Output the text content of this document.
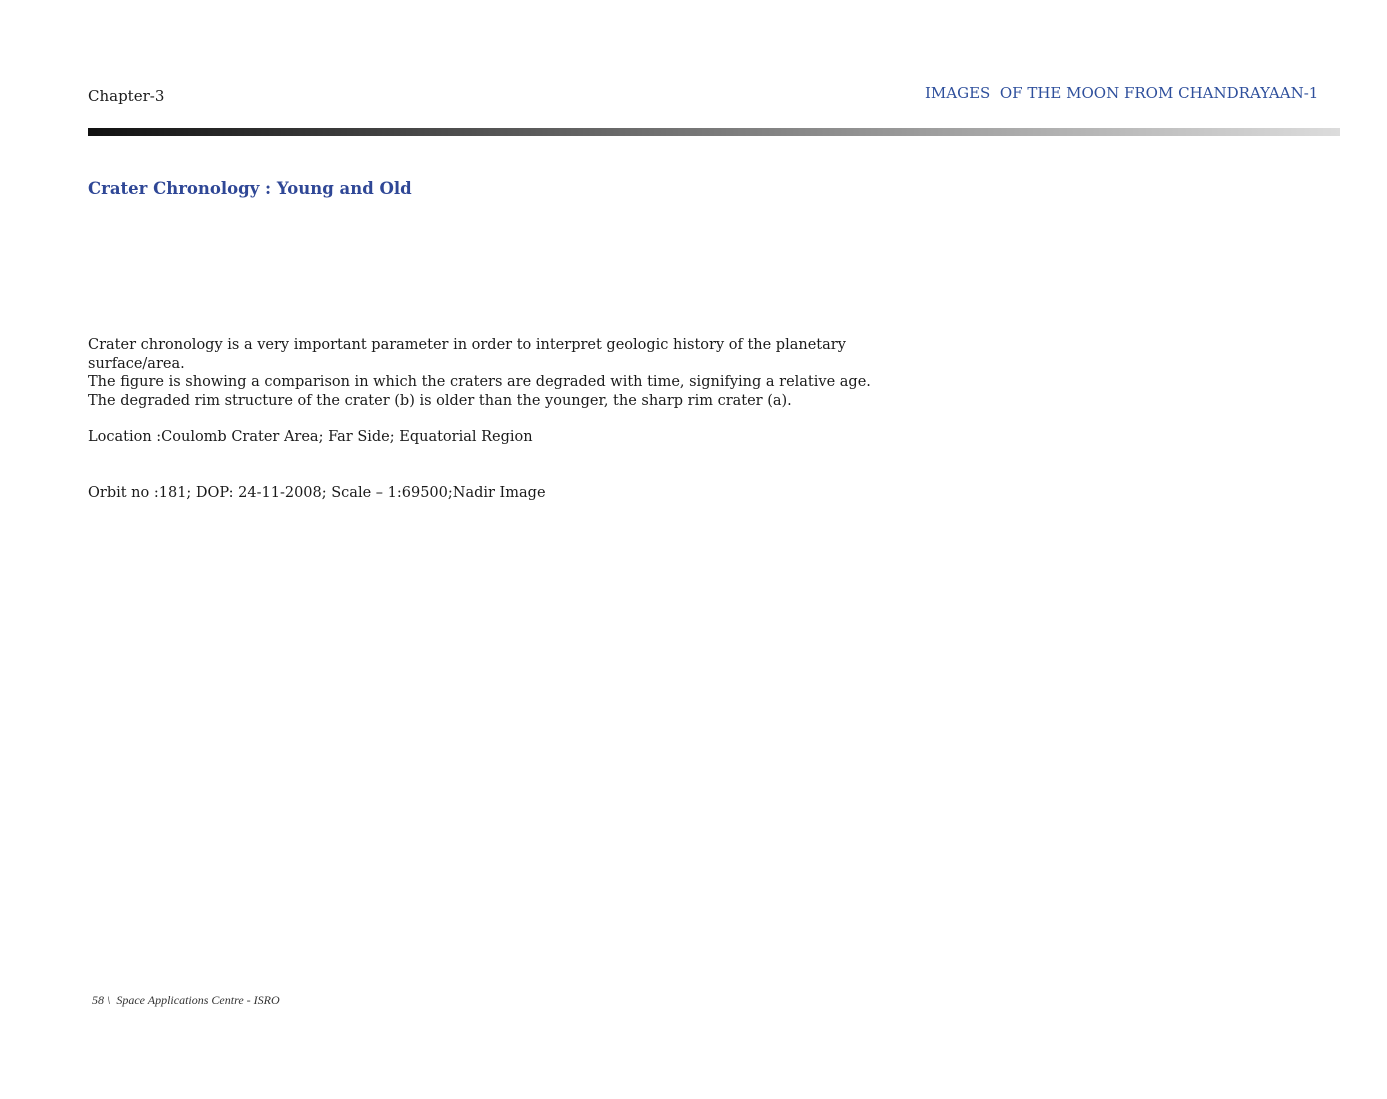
Chapter-3	IMAGES  OF THE MOON FROM CHANDRAYAAN-1
Crater Chronology : Young and Old

Crater chronology is a very important parameter in order to interpret geologic history of the planetary surface/area.

The figure is showing a comparison in which the craters are degraded with time, signifying a relative age.

The degraded rim structure of the crater (b) is older than the younger, the sharp rim crater (a).

Location :Coulomb Crater Area; Far Side; Equatorial Region
Orbit no :181; DOP: 24-11-2008; Scale – 1:69500;Nadir Image
58 \  Space Applications Centre - ISRO
